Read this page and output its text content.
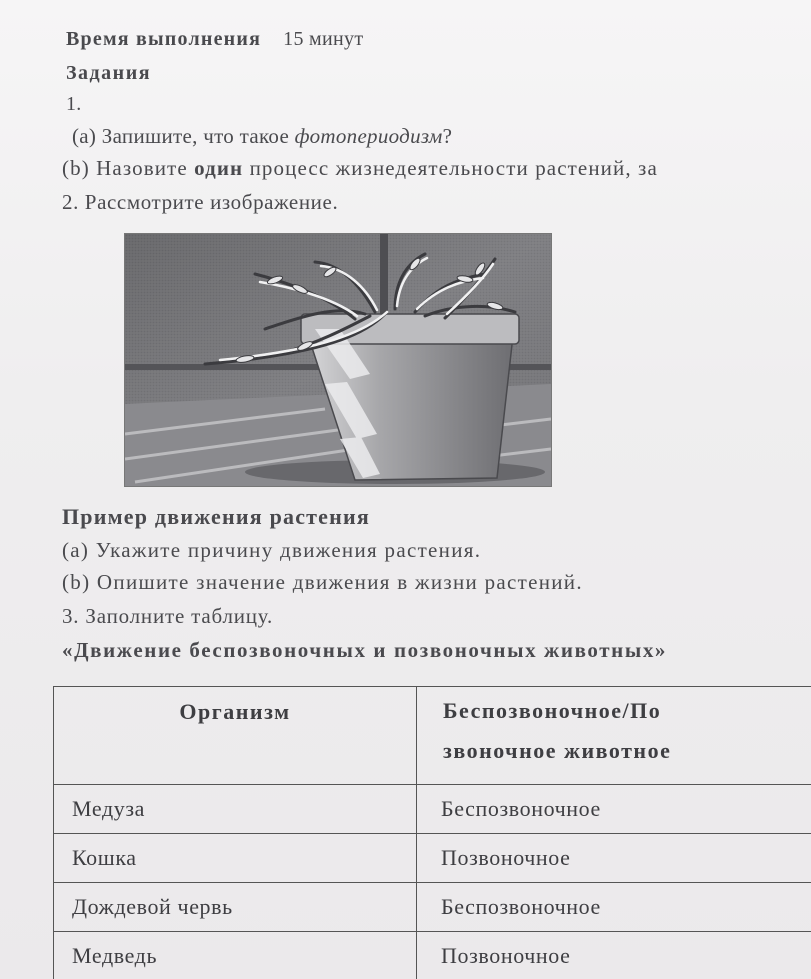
Время выполнения 15 минут
Задания
1.
(a) Запишите, что такое фотопериодизм?
(b) Назовите один процесс жизнедеятельности растений, за
2. Рассмотрите изображение.
Пример движения растения
(a) Укажите причину движения растения.
(b) Опишите значение движения в жизни растений.
3. Заполните таблицу.
«Движение беспозвоночных и позвоночных животных»
Организм	Беспозвоночное/По
звоночное животное

Медуза	Беспозвоночное
Кошка	Позвоночное
Дождевой червь	Беспозвоночное
Медведь	Позвоночное
